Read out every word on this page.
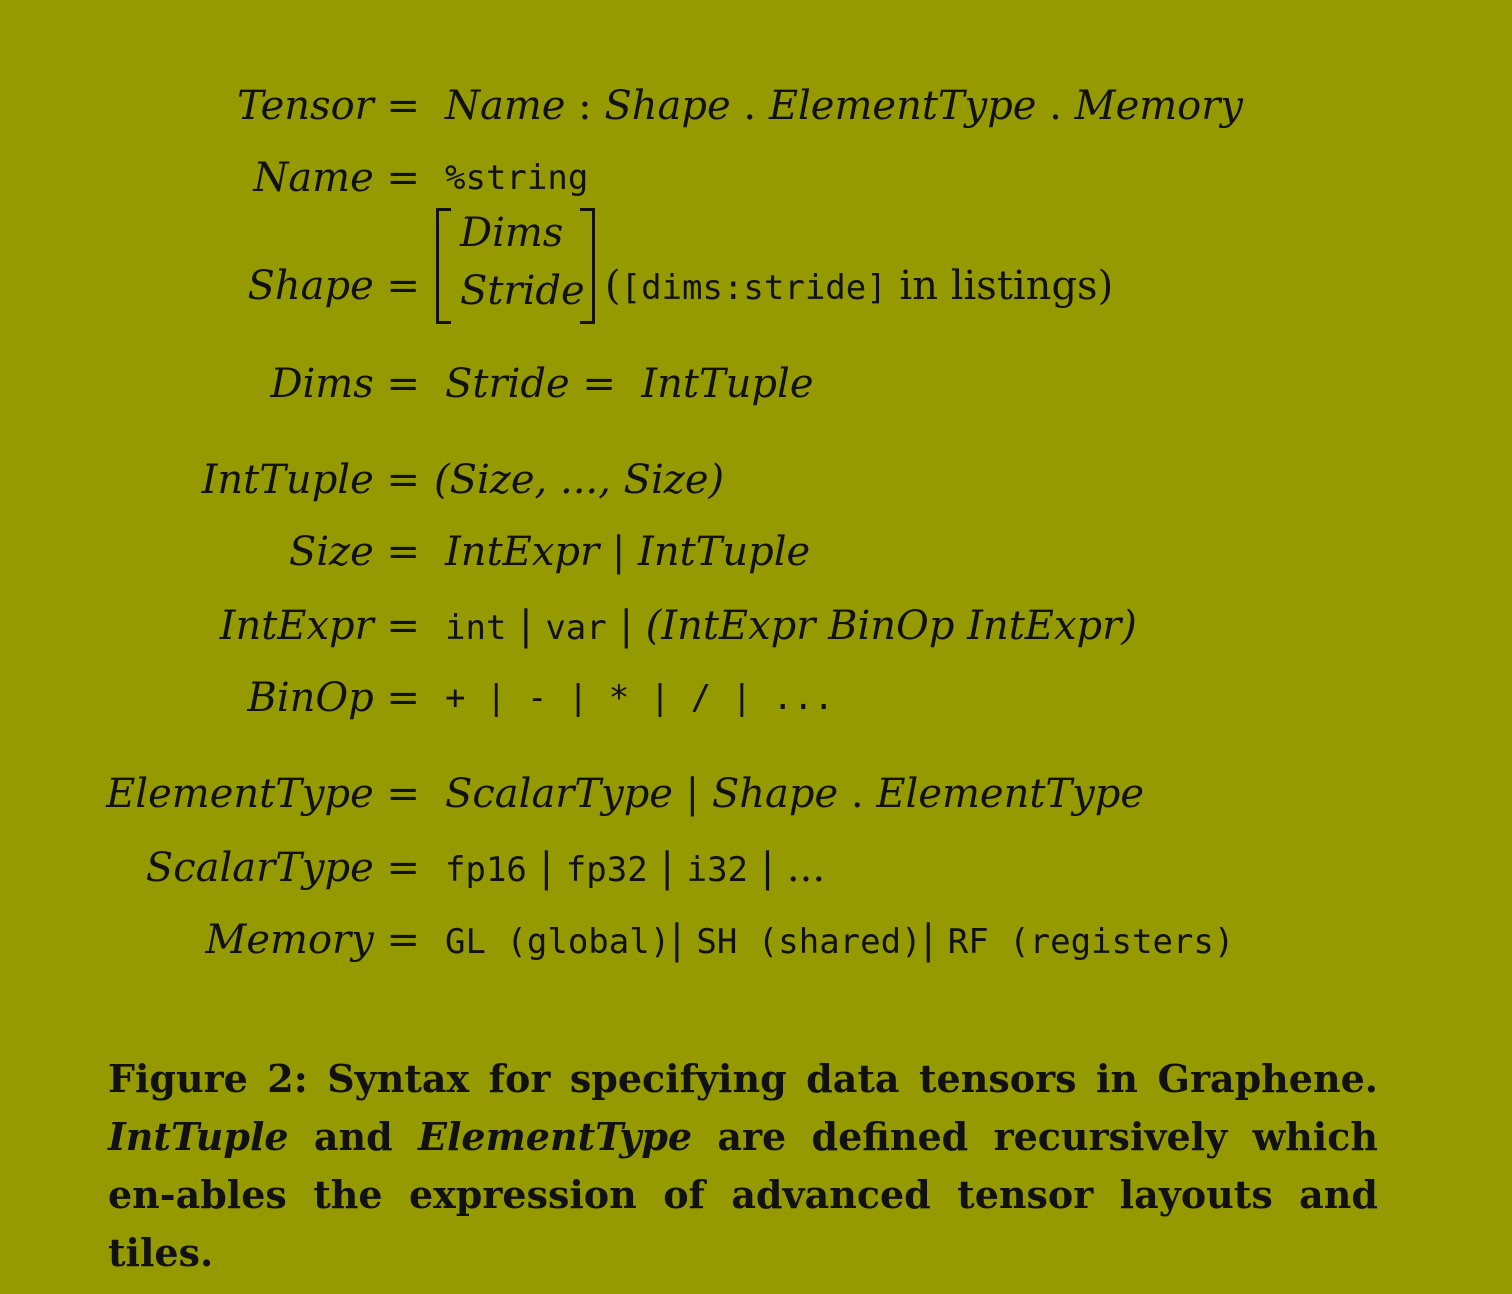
Tensor = Name : Shape . ElementType . Memory
Name = %string
Shape =
Dims
Stride ([dims:stride] in listings)
Dims = Stride = IntTuple
IntTuple = (Size, ..., Size)
Size = IntExpr | IntTuple
IntExpr = int | var | (IntExpr BinOp IntExpr)
BinOp = + | - | * | / | ...
ElementType = ScalarType | Shape . ElementType
ScalarType = fp16 | fp32 | i32 | ...
Memory = GL (global)| SH (shared)| RF (registers)
Figure 2: Syntax for specifying data tensors in Graphene. IntTuple and ElementType are defined recursively which en-ables the expression of advanced tensor layouts and tiles.
